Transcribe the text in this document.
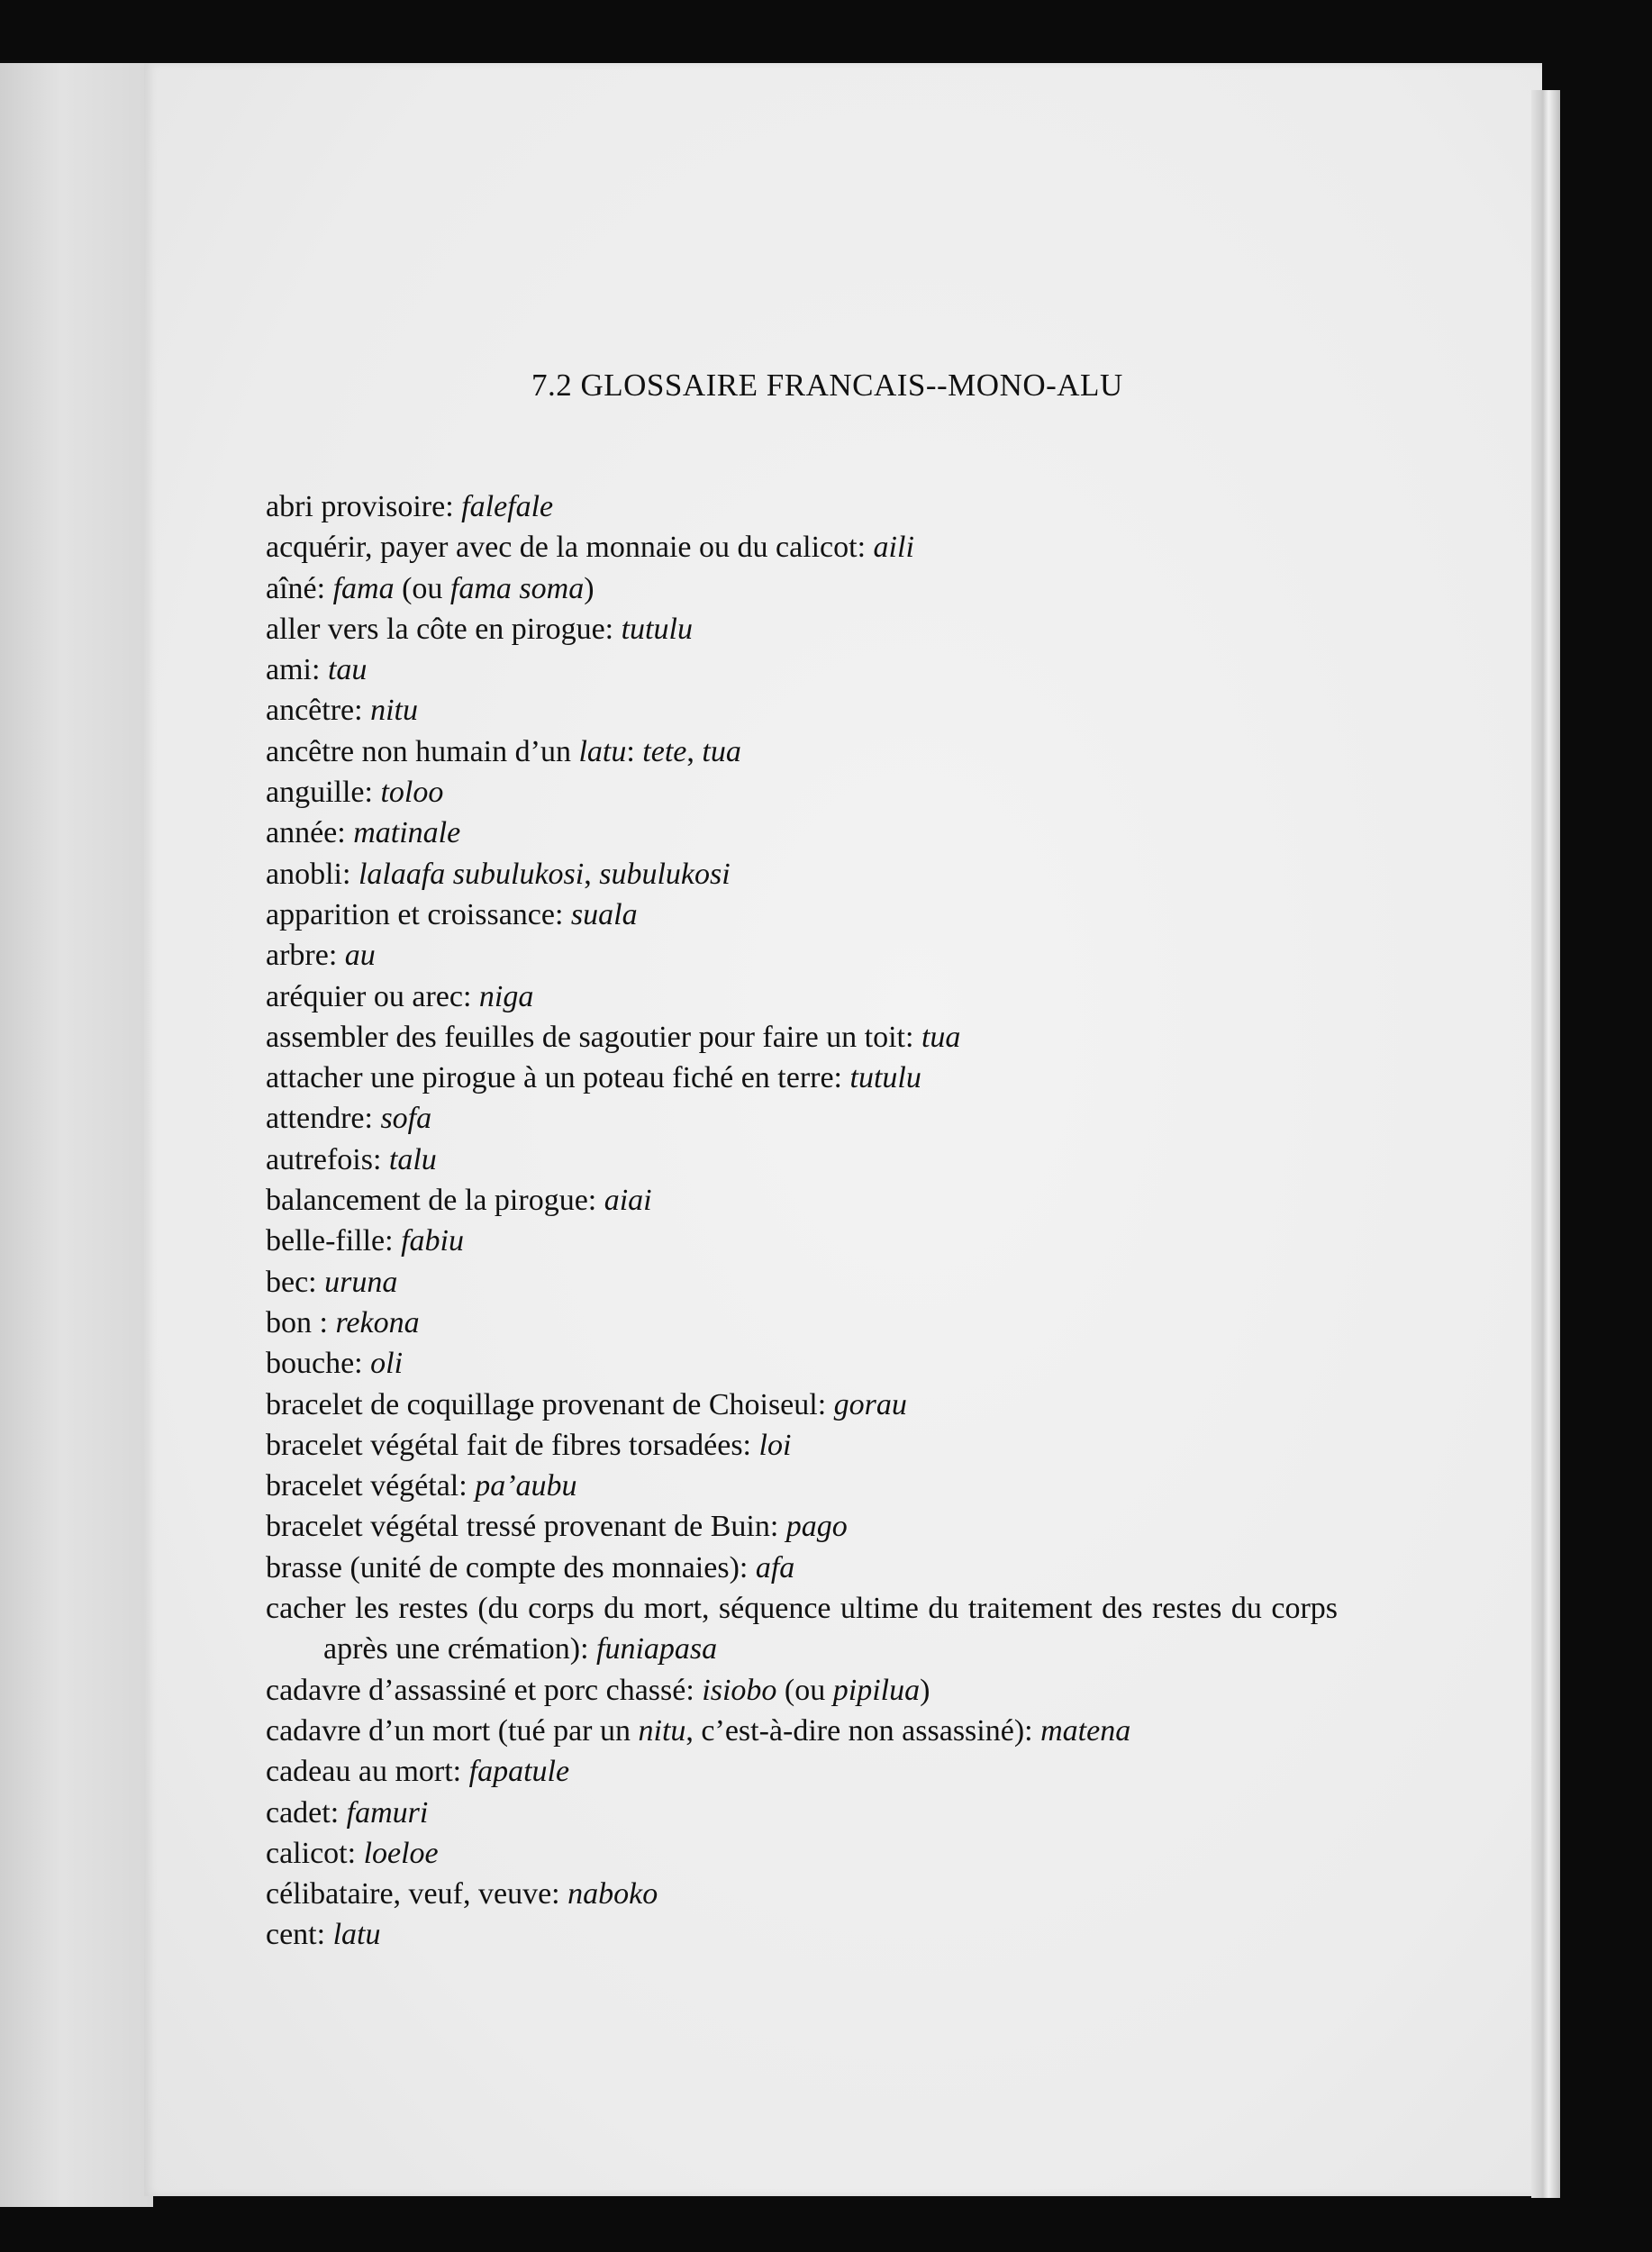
7.2 GLOSSAIRE FRANCAIS--MONO-ALU
abri provisoire: falefale
acquérir, payer avec de la monnaie ou du calicot: aili
aîné: fama (ou fama soma)
aller vers la côte en pirogue: tutulu
ami: tau
ancêtre: nitu
ancêtre non humain d’un latu: tete, tua
anguille: toloo
année: matinale
anobli: lalaafa subulukosi, subulukosi
apparition et croissance: suala
arbre: au
aréquier ou arec: niga
assembler des feuilles de sagoutier pour faire un toit: tua
attacher une pirogue à un poteau fiché en terre: tutulu
attendre: sofa
autrefois: talu
balancement de la pirogue: aiai
belle-fille: fabiu
bec: uruna
bon : rekona
bouche: oli
bracelet de coquillage provenant de Choiseul: gorau
bracelet végétal fait de fibres torsadées: loi
bracelet végétal: pa’aubu
bracelet végétal tressé provenant de Buin: pago
brasse (unité de compte des monnaies): afa
cacher les restes (du corps du mort, séquence ultime du traitement des restes du corps après une crémation): funiapasa
cadavre d’assassiné et porc chassé: isiobo (ou pipilua)
cadavre d’un mort (tué par un nitu, c’est-à-dire non assassiné): matena
cadeau au mort: fapatule
cadet: famuri
calicot: loeloe
célibataire, veuf, veuve: naboko
cent: latu
